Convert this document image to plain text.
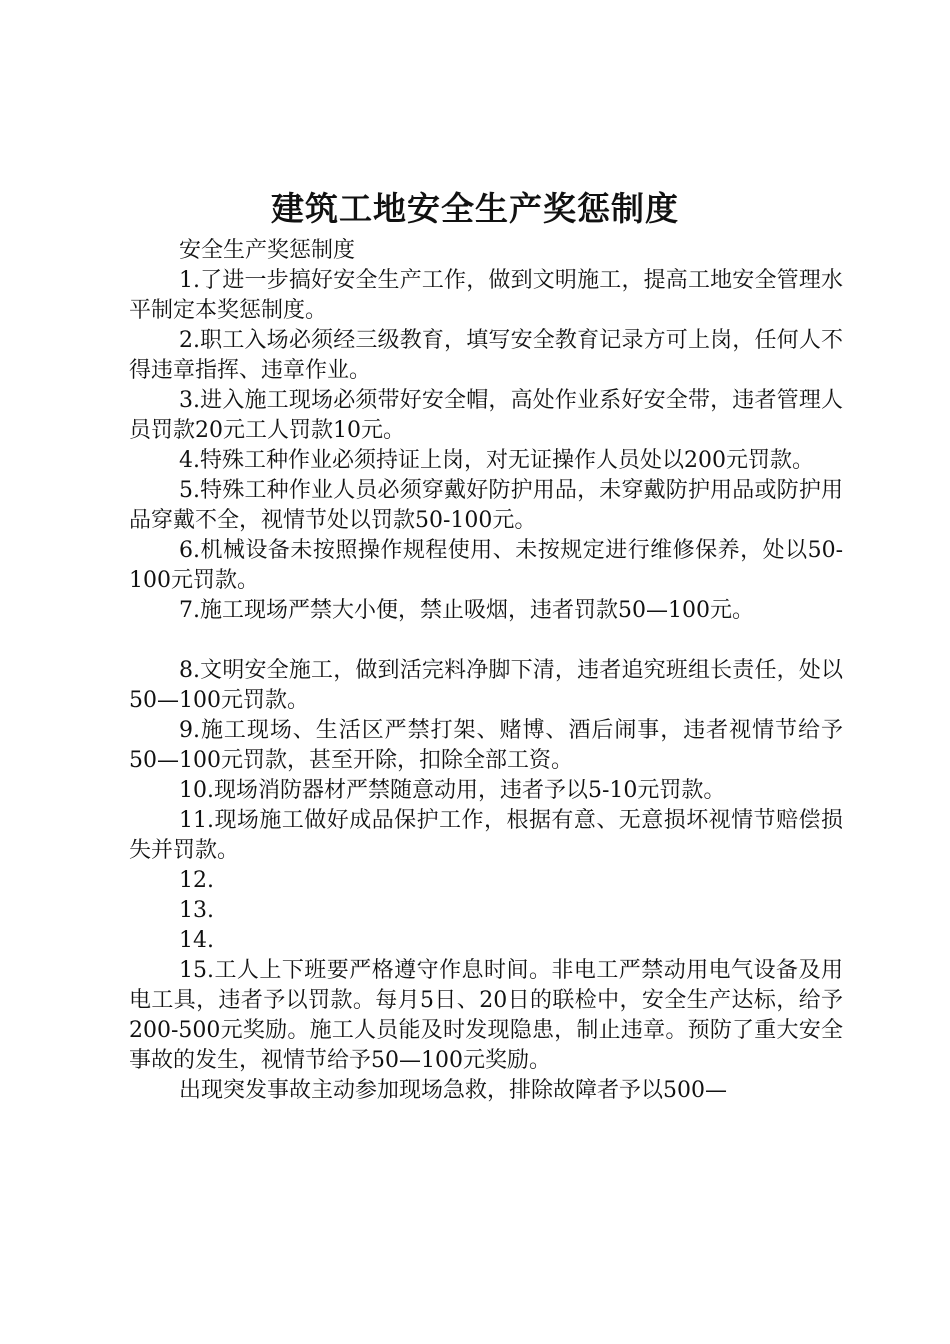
建筑工地安全生产奖惩制度

安全生产奖惩制度

1.了进一步搞好安全生产工作，做到文明施工，提高工地安全管理水平制定本奖惩制度。

2.职工入场必须经三级教育，填写安全教育记录方可上岗，任何人不得违章指挥、违章作业。

3.进入施工现场必须带好安全帽，高处作业系好安全带，违者管理人员罚款20元工人罚款10元。

4.特殊工种作业必须持证上岗，对无证操作人员处以200元罚款。

5.特殊工种作业人员必须穿戴好防护用品，未穿戴防护用品或防护用品穿戴不全，视情节处以罚款50-100元。

6.机械设备未按照操作规程使用、未按规定进行维修保养，处以50-100元罚款。

7.施工现场严禁大小便，禁止吸烟，违者罚款50—100元。

8.文明安全施工，做到活完料净脚下清，违者追究班组长责任，处以50—100元罚款。

9.施工现场、生活区严禁打架、赌博、酒后闹事，违者视情节给予50—100元罚款，甚至开除，扣除全部工资。

10.现场消防器材严禁随意动用，违者予以5-10元罚款。

11.现场施工做好成品保护工作，根据有意、无意损坏视情节赔偿损失并罚款。

12.

13.

14.

15.工人上下班要严格遵守作息时间。非电工严禁动用电气设备及用电工具，违者予以罚款。每月5日、20日的联检中，安全生产达标，给予200-500元奖励。施工人员能及时发现隐患，制止违章。预防了重大安全事故的发生，视情节给予50—100元奖励。

出现突发事故主动参加现场急救，排除故障者予以500—
